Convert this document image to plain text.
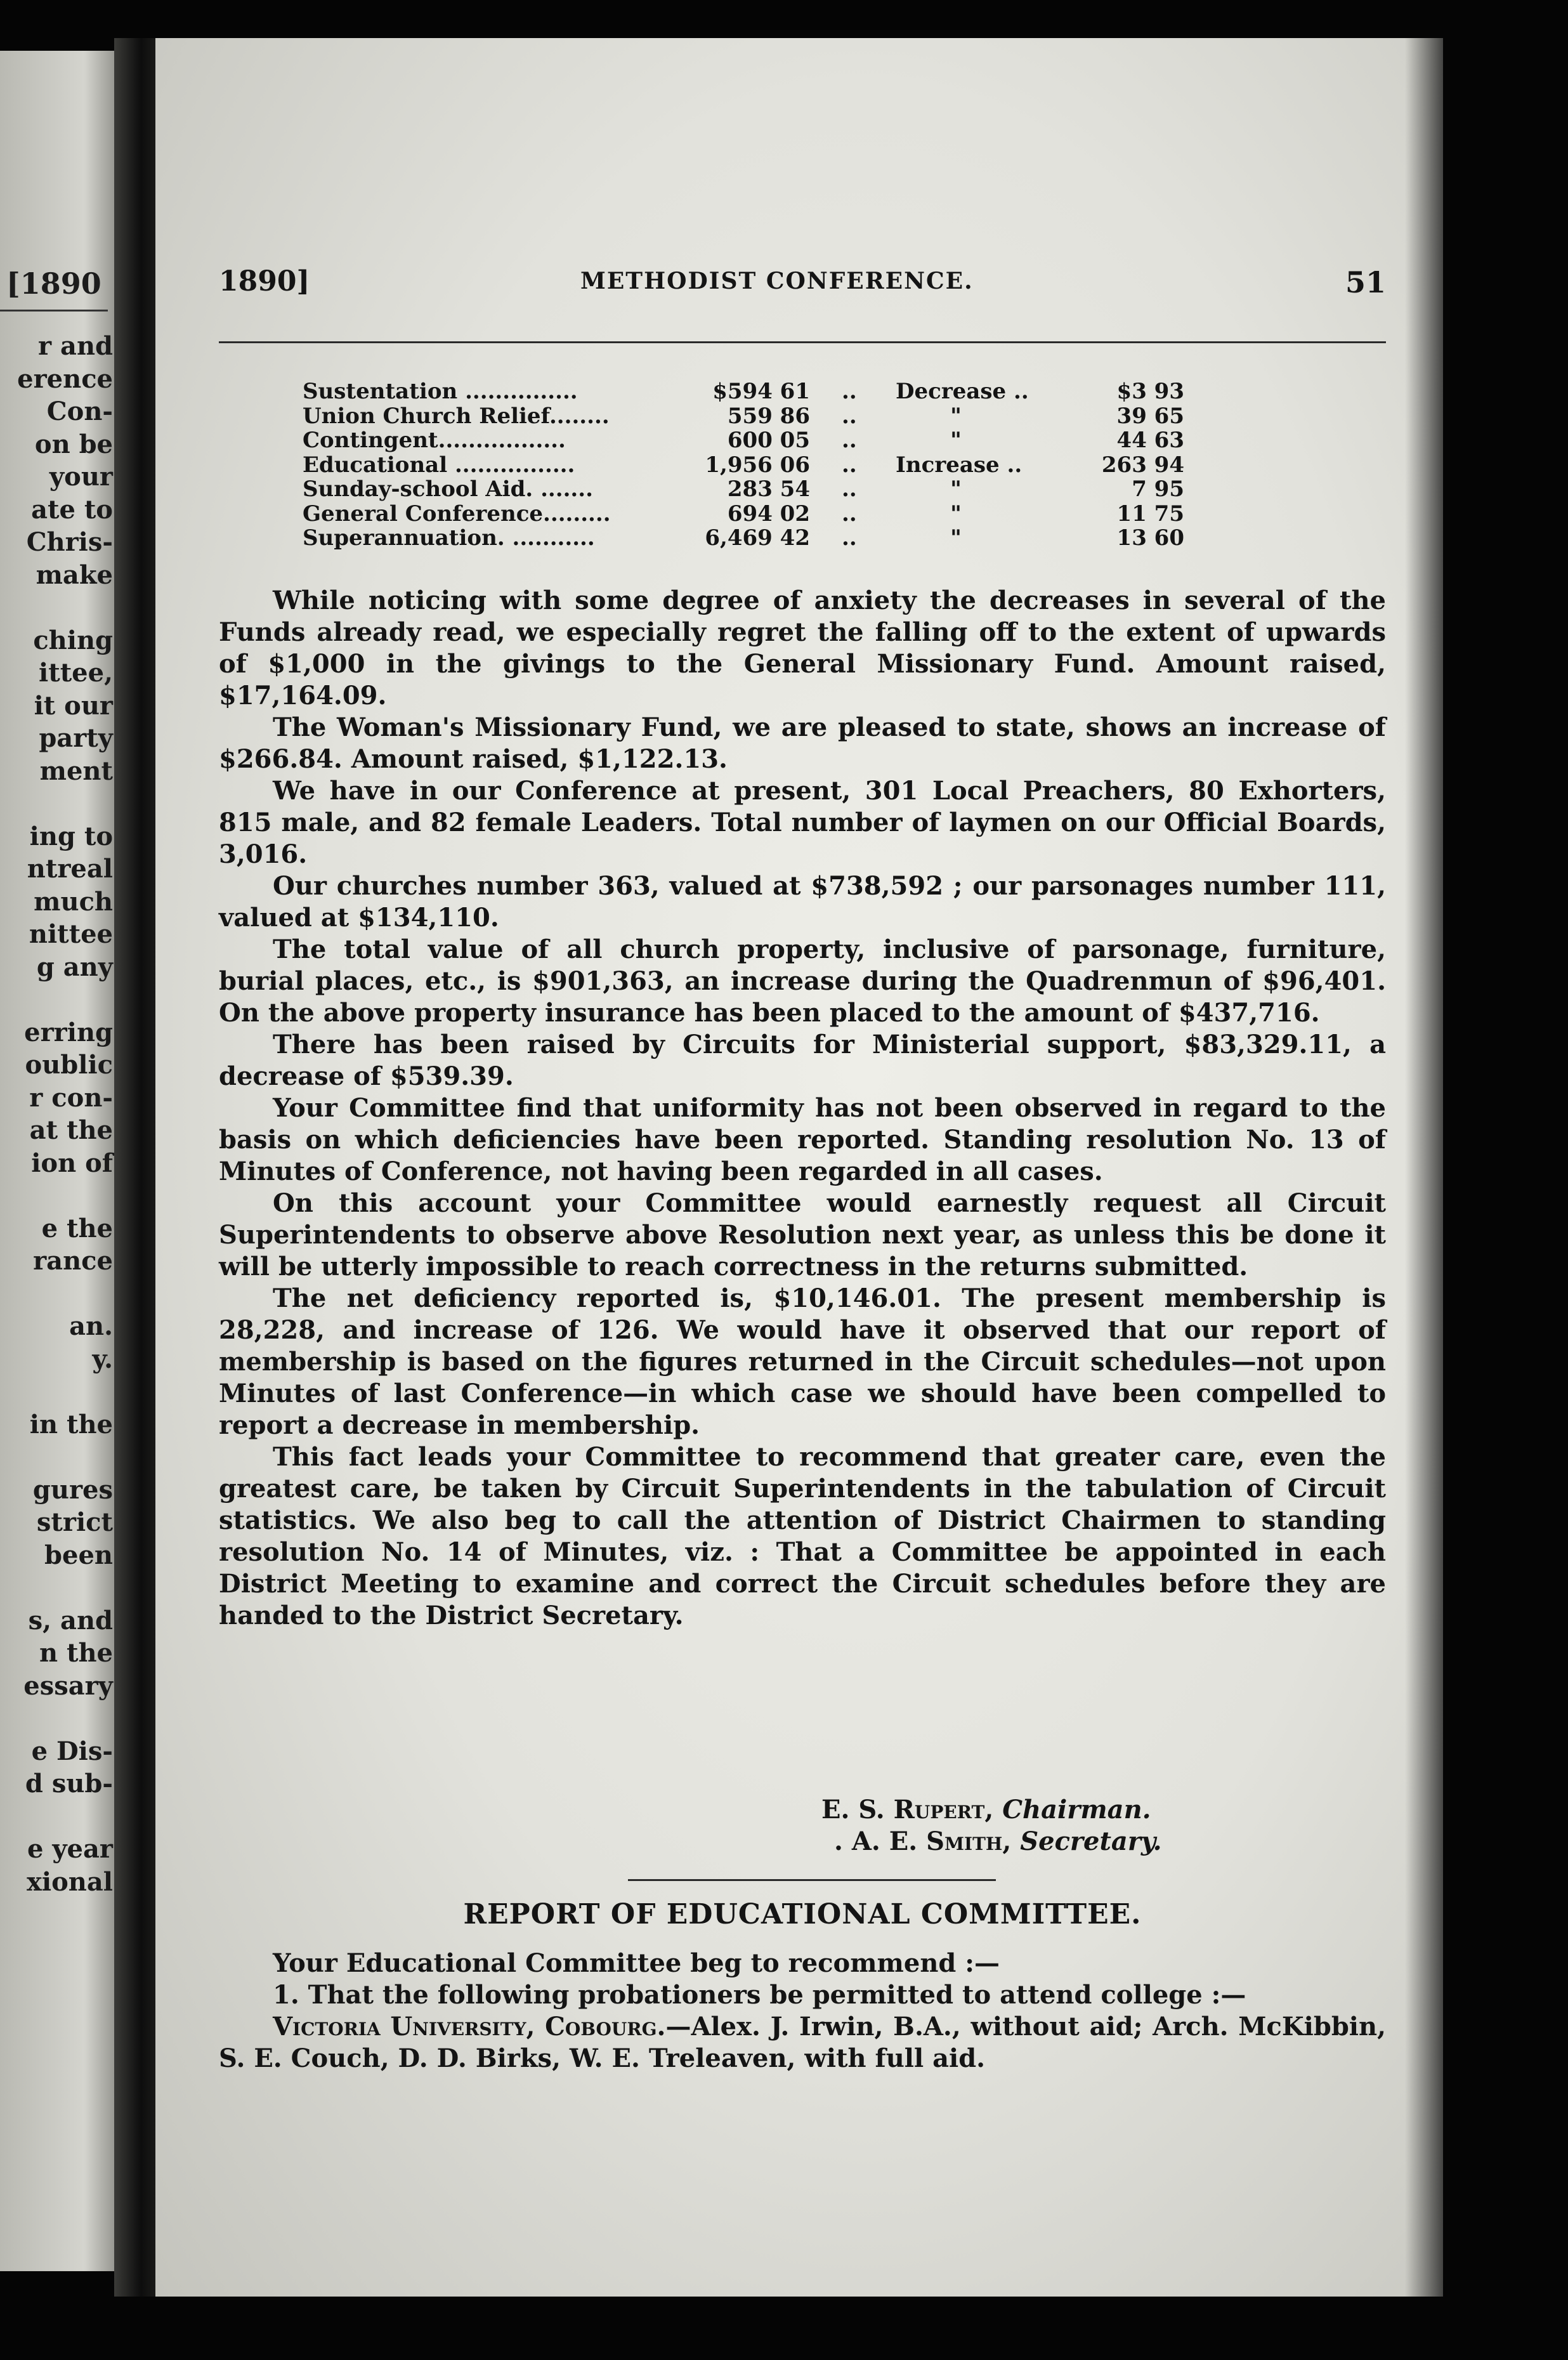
[1890
r and
erence
Con-
on be
your
ate to
Chris-
make
ching
ittee,
it our
party
ment
ing to
ntreal
much
nittee
g any
erring
oublic
r con-
at the
ion of
e the
rance
an.
y.
in the
gures
strict
been
s, and
n the
essary
e Dis-
d sub-
e year
xional
1890]	METHODIST CONFERENCE.	51
Sustentation ...............	$594 61 .. Decrease ..	$3 93
Union Church Relief........	559 86 ..	"	39 65
Contingent.................	600 05 ..	"	44 63
Educational ................	1,956 06 .. Increase ..	263 94
Sunday-school Aid. .......	283 54 ..	"	7 95
General Conference.........	694 02 ..	"	11 75
Superannuation. ...........	6,469 42 ..	"	13 60

While noticing with some degree of anxiety the decreases in several of the Funds already read, we especially regret the falling off to the extent of upwards of $1,000 in the givings to the General Missionary Fund. Amount raised, $17,164.09.

The Woman's Missionary Fund, we are pleased to state, shows an increase of $266.84. Amount raised, $1,122.13.

We have in our Conference at present, 301 Local Preachers, 80 Exhorters, 815 male, and 82 female Leaders. Total number of laymen on our Official Boards, 3,016.

Our churches number 363, valued at $738,592 ; our parsonages number 111, valued at $134,110.

The total value of all church property, inclusive of parsonage, furniture, burial places, etc., is $901,363, an increase during the Quadrenmun of $96,401. On the above property insurance has been placed to the amount of $437,716.

There has been raised by Circuits for Ministerial support, $83,329.11, a decrease of $539.39.

Your Committee find that uniformity has not been observed in regard to the basis on which deficiencies have been reported. Standing resolution No. 13 of Minutes of Conference, not having been regarded in all cases.

On this account your Committee would earnestly request all Circuit Superintendents to observe above Resolution next year, as unless this be done it will be utterly impossible to reach correctness in the returns submitted.

The net deficiency reported is, $10,146.01. The present membership is 28,228, and increase of 126. We would have it observed that our report of membership is based on the figures returned in the Circuit schedules—not upon Minutes of last Conference—in which case we should have been compelled to report a decrease in membership.

This fact leads your Committee to recommend that greater care, even the greatest care, be taken by Circuit Superintendents in the tabulation of Circuit statistics. We also beg to call the attention of District Chairmen to standing resolution No. 14 of Minutes, viz. : That a Committee be appointed in each District Meeting to examine and correct the Circuit schedules before they are handed to the District Secretary.

E. S. Rupert, Chairman.
. A. E. Smith, Secretary.
REPORT OF EDUCATIONAL COMMITTEE.

Your Educational Committee beg to recommend :—

1. That the following probationers be permitted to attend college :—

Victoria University, Cobourg.—Alex. J. Irwin, B.A., without aid; Arch. McKibbin, S. E. Couch, D. D. Birks, W. E. Treleaven, with full aid.
